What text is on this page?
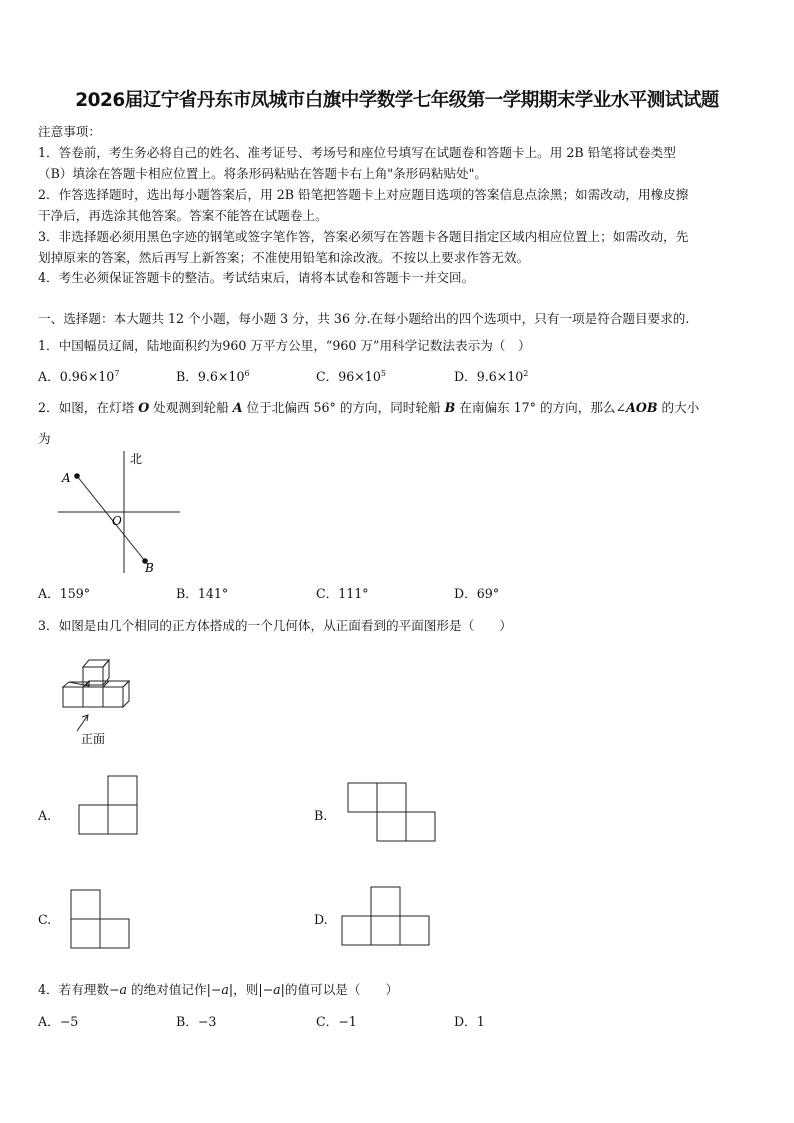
2026届辽宁省丹东市凤城市白旗中学数学七年级第一学期期末学业水平测试试题
注意事项：
1．答卷前，考生务必将自己的姓名、准考证号、考场号和座位号填写在试题卷和答题卡上。用 2B 铅笔将试卷类型
（B）填涂在答题卡相应位置上。将条形码粘贴在答题卡右上角"条形码粘贴处"。
2．作答选择题时，选出每小题答案后，用 2B 铅笔把答题卡上对应题目选项的答案信息点涂黑；如需改动，用橡皮擦
干净后，再选涂其他答案。答案不能答在试题卷上。
3．非选择题必须用黑色字迹的钢笔或签字笔作答，答案必须写在答题卡各题目指定区域内相应位置上；如需改动，先
划掉原来的答案，然后再写上新答案；不准使用铅笔和涂改液。不按以上要求作答无效。
4．考生必须保证答题卡的整洁。考试结束后，请将本试卷和答题卡一并交回。
一、选择题：本大题共 12 个小题，每小题 3 分，共 36 分.在每小题给出的四个选项中，只有一项是符合题目要求的.
1．中国幅员辽阔，陆地面积约为960 万平方公里，“960 万”用科学记数法表示为（　）
A．$0.96\times 10^7$	B．$9.6\times 10^6$	C．$96\times 10^5$	D．$9.6\times 10^2$
2．如图，在灯塔 O 处观测到轮船 A 位于北偏西 56° 的方向，同时轮船 B 在南偏东 17° 的方向，那么∠AOB 的大小
为
北
A
O
B
A．159°	B．141°	C．111°	D．69°
3．如图是由几个相同的正方体搭成的一个几何体，从正面看到的平面图形是（　　）
正面
A.	B.
C.	D.
4．若有理数−a 的绝对值记作|−a|，则|−a|的值可以是（　　）
A．−5	B．−3	C．−1	D．1
